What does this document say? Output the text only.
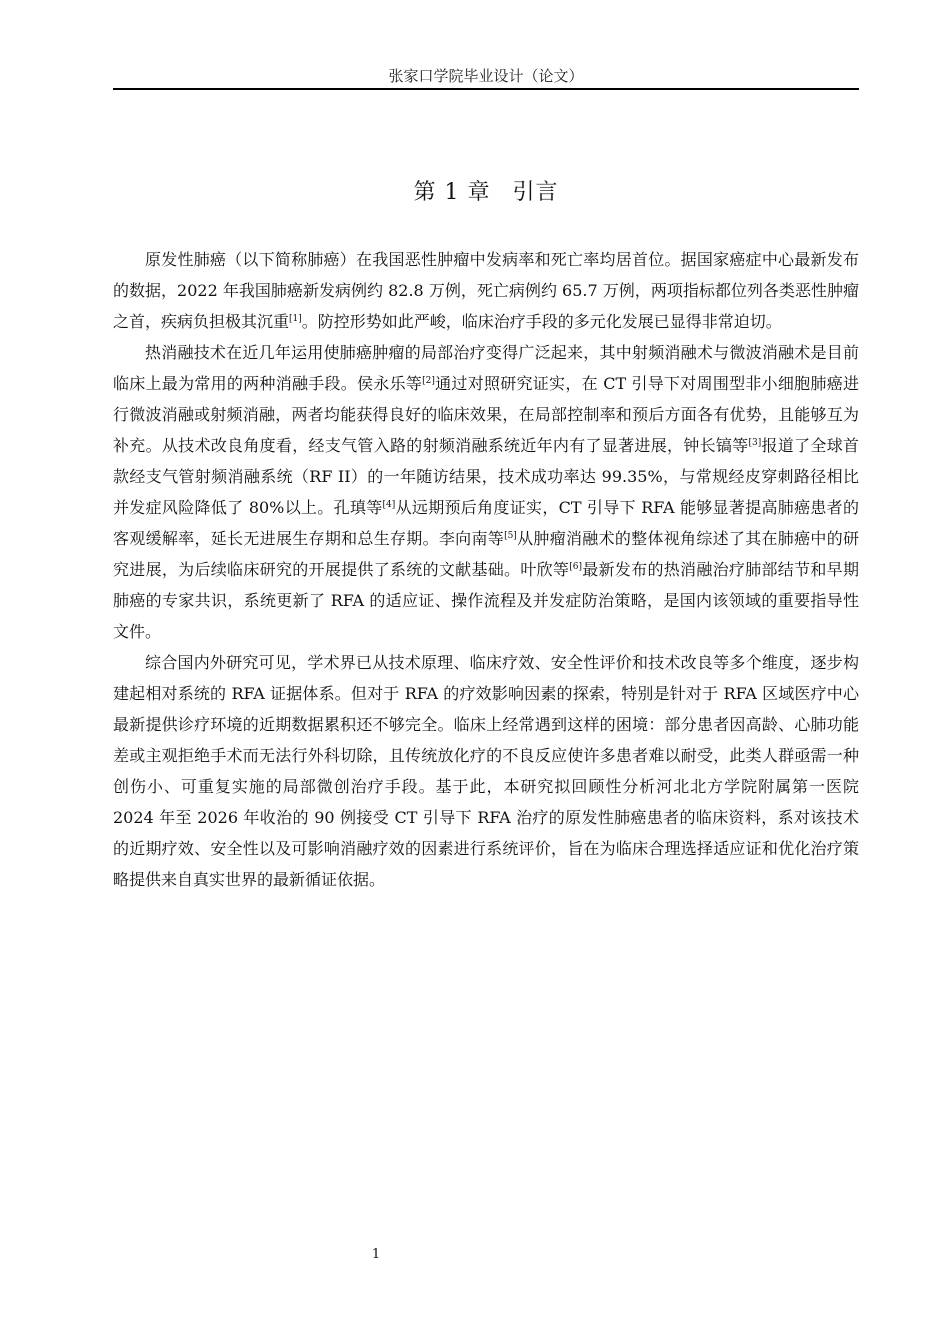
张家口学院毕业设计（论文）
第 1 章 引言

原发性肺癌（以下简称肺癌）在我国恶性肿瘤中发病率和死亡率均居首位。据国家癌症中心最新发布的数据，2022 年我国肺癌新发病例约 82.8 万例，死亡病例约 65.7 万例，两项指标都位列各类恶性肿瘤之首，疾病负担极其沉重[1]。防控形势如此严峻，临床治疗手段的多元化发展已显得非常迫切。

热消融技术在近几年运用使肺癌肿瘤的局部治疗变得广泛起来，其中射频消融术与微波消融术是目前临床上最为常用的两种消融手段。侯永乐等[2]通过对照研究证实，在 CT 引导下对周围型非小细胞肺癌进行微波消融或射频消融，两者均能获得良好的临床效果，在局部控制率和预后方面各有优势，且能够互为补充。从技术改良角度看，经支气管入路的射频消融系统近年内有了显著进展，钟长镐等[3]报道了全球首款经支气管射频消融系统（RF II）的一年随访结果，技术成功率达 99.35%，与常规经皮穿刺路径相比并发症风险降低了 80%以上。孔瑱等[4]从远期预后角度证实，CT 引导下 RFA 能够显著提高肺癌患者的客观缓解率，延长无进展生存期和总生存期。李向南等[5]从肿瘤消融术的整体视角综述了其在肺癌中的研究进展，为后续临床研究的开展提供了系统的文献基础。叶欣等[6]最新发布的热消融治疗肺部结节和早期肺癌的专家共识，系统更新了 RFA 的适应证、操作流程及并发症防治策略，是国内该领域的重要指导性文件。

综合国内外研究可见，学术界已从技术原理、临床疗效、安全性评价和技术改良等多个维度，逐步构建起相对系统的 RFA 证据体系。但对于 RFA 的疗效影响因素的探索，特别是针对于 RFA 区域医疗中心最新提供诊疗环境的近期数据累积还不够完全。临床上经常遇到这样的困境：部分患者因高龄、心肺功能差或主观拒绝手术而无法行外科切除，且传统放化疗的不良反应使许多患者难以耐受，此类人群亟需一种创伤小、可重复实施的局部微创治疗手段。基于此，本研究拟回顾性分析河北北方学院附属第一医院 2024 年至 2026 年收治的 90 例接受 CT 引导下 RFA 治疗的原发性肺癌患者的临床资料，系对该技术的近期疗效、安全性以及可影响消融疗效的因素进行系统评价，旨在为临床合理选择适应证和优化治疗策略提供来自真实世界的最新循证依据。

1
